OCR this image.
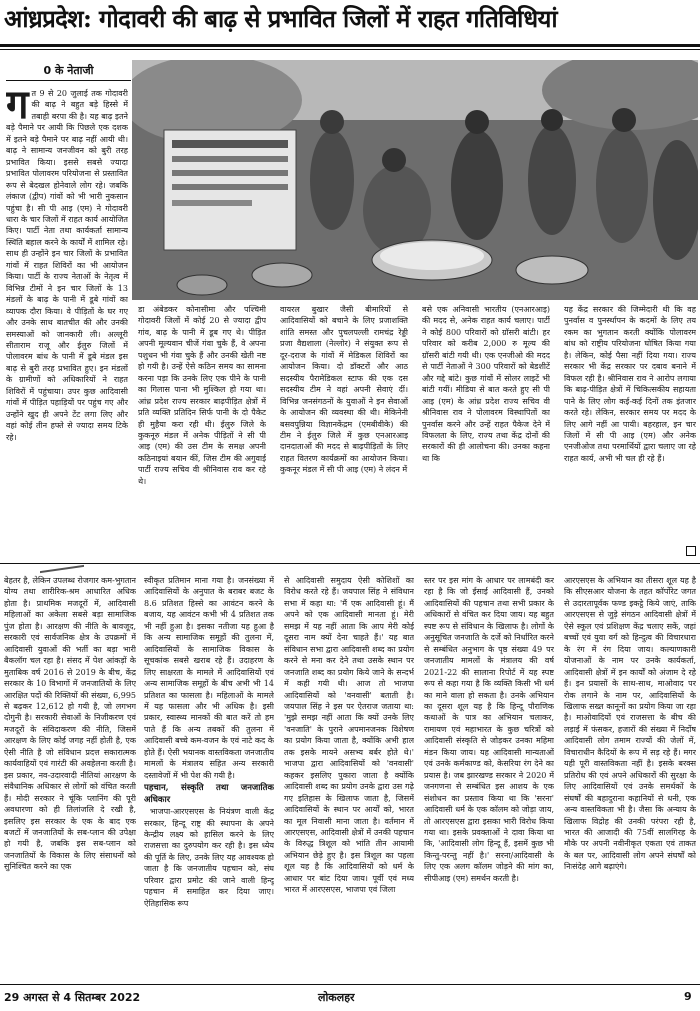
आंध्रप्रदेश: गोदावरी की बाढ़ से प्रभावित जिलों में राहत गतिविधियां
0 के नेताजी
ग त 9 से 20 जुलाई तक गोदावरी की बाढ़ ने बहुत बड़े हिस्से में तबाही बरपा की है। यह बाढ़ इतने बड़े पैमाने पर आयी कि पिछले एक दशक में इतने बड़े पैमाने पर बाढ़ नहीं आयी थी। बाढ़ ने सामान्य जनजीवन को बुरी तरह प्रभावित किया। इससे सबसे ज्यादा प्रभावित पोलावरम परियोजना से प्रस्तावित रूप से बेदखल होनेवाले लोग रहे। जबकि लंकाज (द्वीप) गांवों को भी भारी नुकसान पहुंचा है। सी पी आइ (एम) ने गोदावरी धारा के चार जिलों में राहत कार्य आयोजित किए। पार्टी नेता तथा कार्यकर्ता सामान्य स्थिति बहाल करने के कार्यों में शामिल रहे। साथ ही उन्होंने इन चार जिलों के प्रभावित गांवों में राहत शिविरों का भी आयोजन किया। पार्टी के राज्य नेताओं के नेतृत्व में विभिन्न टीमों ने इन चार जिलों के 13 मंडलों के बाढ़ के पानी में डूबे गांवों का व्यापक दौरा किया। वे पीड़ितों के घर गए और उनके साथ बातचीत की और उनकी समस्याओं को जानकारी ली। अल्लूरी सीताराम राजू और ईलुरु जिलों में पोलावरम बांध के पानी में डूबे मंडल इस बाढ़ से बुरी तरह प्रभावित हुए। इन मंडलों के ग्रामीणों को अधिकारियों ने राहत शिविरों में पहुंचाया। उपर कुछ आदिवासी गांवों में पीड़ित पहाड़ियों पर पहुंच गए और उन्होंने खुद ही अपने टेंट लगा लिए और वहां कोई तीन हफ्ते से ज्यादा समय टिके रहे।

डा अंबेडकर कोनासीमा और पश्चिमी गोदावरी जिलों में कोई 20 से ज्यादा द्वीप गांव, बाढ़ के पानी में डूब गए थे। पीड़ित अपनी मूल्यवान चीजें गंवा चुके हैं, वे अपना पशुधन भी गंवा चुके हैं और उनकी खेती नष्ट हो गयी है। उन्हें ऐसे कठिन समय का सामना करना पड़ा कि उनके लिए एक पीने के पानी का गिलास पाना भी मुश्किल हो गया था। आंध्र प्रदेश राज्य सरकार बाढ़पीड़ित क्षेत्रों में प्रति व्यक्ति प्रतिदिन सिर्फ पानी के दो पैकेट ही मुहैया करा रही थी। ईलुरु जिले के कुकनूरु मंडल में अनेक पीड़ितों ने सी पी आइ (एम) की उस टीम के समक्ष अपनी कठिनाइयां बयान कीं, जिस टीम की अगुवाई पार्टी राज्य सचिव वी श्रीनिवास राव कर रहे थे।

वायरल बुखार जैसी बीमारियों से आदिवासियों को बचाने के लिए प्रजाशक्ति शांति समस्त और पुचलपल्ली रामचंद्र रेड्डी प्रजा वैद्यशाला (नेल्लोर) ने संयुक्त रूप से दूर-दराज के गांवों में मेडिकल शिविरों का आयोजन किया। दो डॉक्टरों और आठ सदस्यीय पैरामेडिकल स्टाफ की एक दस सदस्यीय टीम ने वहां अपनी सेवाएं दीं। विभिन्न जनसंगठनों के युवाओं ने इन सेवाओं के आयोजन की व्यवस्था की थी। मेकिनेनी बसवपुन्निया विज्ञानकेंद्रम (एमबीवीके) की टीम ने ईलुरु जिले में कुछ एनआरआइ दानदाताओं की मदद से बाढ़पीड़ितों के लिए राहत वितरण कार्यक्रमों का आयोजन किया। कुकनूर मंडल में सी पी आइ (एम) ने लंदन में

बसे एक अनिवासी भारतीय (एनआरआइ) की मदद से, अनेक राहत कार्य चलाए। पार्टी ने कोई 800 परिवारों को ग्रॉसरी बांटी। हर परिवार को करीब 2,000 रु मूल्य की ग्रॉसरी बांटी गयी थी। एक एनजीओ की मदद से पार्टी नेताओं ने 300 परिवारों को बेडशीटें और गद्दे बांटे। कुछ गांवों में सोलर लाइटें भी बांटी गयीं। मीडिया से बात करते हुए सी पी आइ (एम) के आंध्र प्रदेश राज्य सचिव वी श्रीनिवास राव ने पोलावरम विस्थापितों का पुनर्वास करने और उन्हें राहत पैकेज देने में विफलता के लिए, राज्य तथा केंद्र दोनों की सरकारों की ही आलोचना की। उनका कहना था कि

यह केंद्र सरकार की जिम्मेदारी थी कि वह पुनर्वास व पुनर्स्थापन के कदमों के लिए तय रकम का भुगतान करती क्योंकि पोलावरम बांध को राष्ट्रीय परियोजना घोषित किया गया है। लेकिन, कोई पैसा नहीं दिया गया। राज्य सरकार भी केंद्र सरकार पर दबाव बनाने में विफल रही है। श्रीनिवास राव ने आरोप लगाया कि बाढ़-पीड़ित क्षेत्रों में चिकित्सकीय सहायता पाने के लिए लोग कई-कई दिनों तक इंतजार करते रहे। लेकिन, सरकार समय पर मदद के लिए आगे नहीं आ पायी। बहरहाल, इन चार जिलों में सी पी आइ (एम) और अनेक एनजीओज तथा परमार्थियों द्वारा चलाए जा रहे राहत कार्य, अभी भी चल ही रहे हैं।

बेहतर है, लेकिन उपलब्ध रोजगार कम-भुगतान योग्य तथा शारीरिक-श्रम आधारित अधिक होता है। प्राथमिक मजदूरों में, आदिवासी महिलाओं का अकेला सबसे बड़ा सामाजिक पुंज होता है। आरक्षण की नीति के बावजूद, सरकारी एवं सार्वजनिक क्षेत्र के उपक्रमों में आदिवासी युवाओं की भर्ती का बड़ा भारी बैकलॉग चल रहा है। संसद में पेश आंकड़ों के मुताबिक वर्ष 2016 से 2019 के बीच, केंद्र सरकार के 10 विभागों में जनजातियों के लिए आरक्षित पदों की रिक्तियों की संख्या, 6,995 से बढ़कर 12,612 हो गयी है, जो लगभग दोगुनी है। सरकारी सेवाओं के निजीकरण एवं मजदूरों के संविदाकरण की नीति, जिसमें आरक्षण के लिए कोई जगह नहीं होती है, एक ऐसी नीति है जो संविधान प्रदत्त सकारात्मक कार्यवाहियों एवं गारंटी की अवहेलना करती है। इस प्रकार, नव-उदारवादी नीतियां आरक्षण के संवैधानिक अधिकार से लोगों को वंचित करती हैं। मोदी सरकार ने चूंकि प्लानिंग की पूरी अवधारणा को ही तिलांजलि दे रखी है, इसलिए इस सरकार के एक के बाद एक बजटों में जनजातियों के सब-प्लान की उपेक्षा हो गयी है, जबकि इस सब-प्लान को जनजातियों के विकास के लिए संसाधनों को सुनिश्चित करने का एक

स्वीकृत प्रतिमान माना गया है। जनसंख्या में आदिवासियों के अनुपात के बराबर बजट के 8.6 प्रतिशत हिस्से का आवंटन करने के बजाय, यह आवंटन कभी भी 4 प्रतिशत तक भी नहीं हुआ है। इसका नतीजा यह हुआ है कि अन्य सामाजिक समूहों की तुलना में, आदिवासियों के सामाजिक विकास के सूचकांक सबसे खराब रहे हैं। उदाहरण के लिए साक्षरता के मामले में आदिवासियों एवं अन्य सामाजिक समूहों के बीच अभी भी 14 प्रतिशत का फासला है। महिलाओं के मामले में यह फासला और भी अधिक है। इसी प्रकार, स्वास्थ्य मानकों की बात करें तो हम पाते हैं कि अन्य तबकों की तुलना में आदिवासी बच्चे कम-वजन के एवं नाटे कद के होते हैं। ऐसी भयानक वास्तविकता जनजातीय मामलों के मंत्रालय सहित अन्य सरकारी दस्तावेजों में भी पेश की गयी है।

पहचान, संस्कृति तथा जनजातिक अधिकार

भाजपा-आरएसएस के नियंत्रण वाली केंद्र सरकार, हिन्दू राष्ट्र की स्थापना के अपने केन्द्रीय लक्ष्य को हासिल करने के लिए राजसत्ता का दुरुपयोग कर रही है। इस ध्येय की पूर्ति के लिए, उनके लिए यह आवश्यक हो जाता है कि जनजातीय पहचान को, संघ परिवार द्वारा प्रमोट की जाने वाली हिन्दू पहचान में समाहित कर दिया जाए। ऐतिहासिक रूप

से आदिवासी समुदाय ऐसी कोशिशों का विरोध करते रहे हैं। जयपाल सिंह ने संविधान सभा में कहा था: 'मैं एक आदिवासी हूं। मैं अपने को एक आदिवासी मानता हूं। मेरी समझ में यह नहीं आता कि आप मेरी कोई दूसरा नाम क्यों देना चाहते हैं।' यह बात संविधान सभा द्वारा आदिवासी शब्द का प्रयोग करने से मना कर देने तथा उसके स्थान पर जनजाति शब्द का प्रयोग किये जाने के सन्दर्भ में कही गयी थी। आज तो भाजपा आदिवासियों को 'वनवासी' बताती है। जयपाल सिंह ने इस पर ऐतराज जताया था: 'मुझे समझ नहीं आता कि क्यों उनके लिए 'वनजाति' के पुराने अपमानजनक विशेषण का प्रयोग किया जाता है, क्योंकि अभी हाल तक इसके मायने असभ्य बर्बर होते थे।' भाजपा द्वारा आदिवासियों को 'वनवासी' कहकर इसलिए पुकारा जाता है क्योंकि आदिवासी शब्द का प्रयोग उनके द्वारा उस गढ़े गए इतिहास के खिलाफ जाता है, जिसमें आदिवासियों के स्थान पर आर्यों को, भारत का मूल निवासी माना जाता है। वर्तमान में आरएसएस, आदिवासी क्षेत्रों में उनकी पहचान के विरुद्ध त्रिशूल को भांति तीन आयामी अभियान छेड़े हुए है। इस त्रिशूल का पहला शूल यह है कि आदिवासियों को धर्म के आधार पर बांट दिया जाय। पूर्वी एवं मध्य भारत में आरएसएस, भाजपा एवं जिला

स्तर पर इस मांग के आधार पर लामबंदी कर रहा है कि जो ईसाई आदिवासी हैं, उनको आदिवासियों की पहचान तथा सभी प्रकार के अधिकारों से वंचित कर दिया जाय। यह बहुत स्पष्ट रूप से संविधान के खिलाफ है। लोगों के अनुसूचित जनजाति के दर्जे को निर्धारित करने से सम्बंधित अनुभाग के पृष्ठ संख्या 49 पर जनजातीय मामलों के मंत्रालय की वर्ष 2021-22 की सालाना रिपोर्ट में यह स्पष्ट रूप से कहा गया है कि व्यक्ति किसी भी धर्म का माने वाला हो सकता है। उनके अभियान का दूसरा शूल यह है कि हिन्दू पौराणिक कथाओं के पात्र का अभियान चलाकर, रामायण एवं महाभारत के कुछ चरित्रों को आदिवासी संस्कृति से जोड़कर उनका महिमा मंडन किया जाय। यह आदिवासी मान्यताओं एवं उनके कर्मकाण्ड को, केसरिया रंग देने का प्रयास है। जब झारखण्ड सरकार ने 2020 में जनगणना से सम्बंधित इस आशय के एक संशोधन का प्रस्ताव किया था कि 'सरना' आदिवासी धर्म के एक कॉलम को जोड़ा जाय, तो आरएसएस द्वारा इसका भारी विरोध किया गया था। इसके प्रवक्ताओं ने दावा किया था कि, 'आदिवासी लोग हिन्दू हैं, इसमें कुछ भी किन्तु-परन्तु नहीं है।' सरना/आदिवासी के लिए एक अलग कॉलम जोड़ने की मांग का, सीपीआइ (एम) समर्थन करती है।

आरएसएस के अभियान का तीसरा शूल यह है कि सीएसआर योजना के तहत कॉर्पोरेट जगत से उदारतापूर्वक फण्ड इकट्ठे किये जाएं, ताकि आरएसएस से जुड़े संगठन आदिवासी क्षेत्रों में ऐसे स्कूल एवं प्रशिक्षण केंद्र चलाए सकें, जहां बच्चों एवं युवा वर्ग को हिन्दुत्व की विचारधारा के रंग में रंग दिया जाय। कल्याणकारी योजनाओं के नाम पर उनके कार्यकर्ता, आदिवासी क्षेत्रों में इन कार्यों को अंजाम दे रहे हैं। इन प्रयासों के साथ-साथ, माओवाद पर रोक लगाने के नाम पर, आदिवासियों के खिलाफ सख्त कानूनों का प्रयोग किया जा रहा है। माओवादियों एवं राजसत्ता के बीच की लड़ाई में फंसकर, हजारों की संख्या में निर्दोष आदिवासी लोग तमाम राज्यों की जेलों में, विचाराधीन कैदियों के रूप में सड़ रहे हैं। मगर यही पूरी वास्तविकता नहीं है। इसके बरक्स प्रतिरोध की एवं अपने अधिकारों की सुरक्षा के लिए आदिवासियों एवं उनके समर्थकों के संघर्षों की बहादुराना कहानियों से धनी, एक अन्य वास्तविकता भी है। जैसा कि अन्याय के खिलाफ विद्रोह की उनकी परंपरा रही है, भारत की आजादी की 75वीं सालगिरह के मौके पर अपनी नवीनीकृत एकता एवं ताकत के बल पर, आदिवासी लोग अपने संघर्षों को निःसंदेह आगे बढ़ाएंगे।

29 अगस्त से 4 सितम्बर 2022	लोकलहर	9
